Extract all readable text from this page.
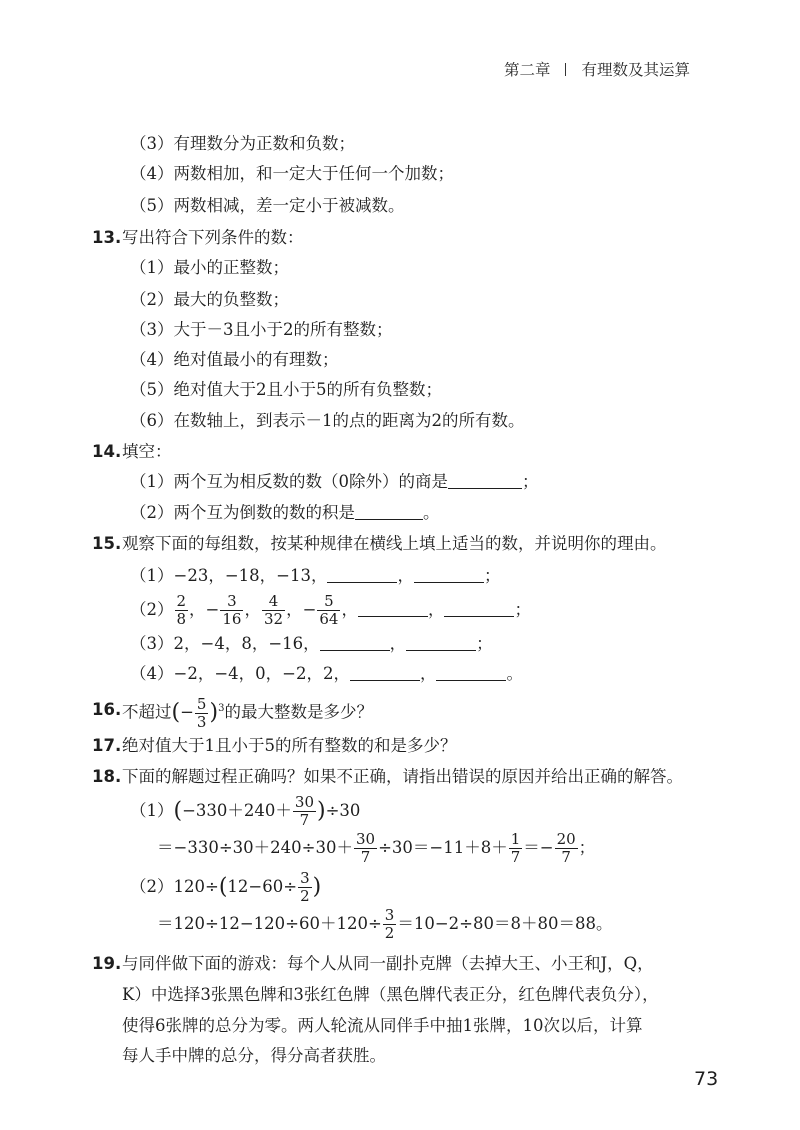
第二章 有理数及其运算
（3）有理数分为正数和负数；
（4）两数相加，和一定大于任何一个加数；
（5）两数相减，差一定小于被减数。
13. 写出符合下列条件的数：
（1）最小的正整数；
（2）最大的负整数；
（3）大于－3且小于2的所有整数；
（4）绝对值最小的有理数；
（5）绝对值大于2且小于5的所有负整数；
（6）在数轴上，到表示－1的点的距离为2的所有数。
14. 填空：
（1）两个互为相反数的数（0除外）的商是	；
（2）两个互为倒数的数的积是	。
15. 观察下面的每组数，按某种规律在横线上填上适当的数，并说明你的理由。
（1）−23，−18，−13，	，	；
$(2) \frac{2}{8}$ ，− $\frac{3}{16}$ ， $\frac{4}{32}$ ，− $\frac{5}{64}$ ，	，	；
（3）2，−4，8，−16，	，	；
（4）−2，−4，0，−2，2，	，	。
16. 不超过(− $\frac{5}{3} )^3$的最大整数是多少？
17. 绝对值大于1且小于5的所有整数的和是多少？
18. 下面的解题过程正确吗？如果不正确，请指出错误的原因并给出正确的解答。
$(1)(-330+240+ \frac{30}{7} )\div 30$
$=-330\div 30+240\div 30+ \frac{30}{7} \div 30=-11+8+ \frac{1}{7} =- \frac{20}{7}$ ；
$(2)120\div(12-60\div \frac{3}{2}$ )
$=120\div 12-120\div 60+120\div \frac{3}{2} =10-2\div 80=8+80=88$。
19. 与同伴做下面的游戏：每个人从同一副扑克牌（去掉大王、小王和J，Q，
K）中选择3张黑色牌和3张红色牌（黑色牌代表正分，红色牌代表负分），
使得6张牌的总分为零。两人轮流从同伴手中抽1张牌，10次以后，计算
每人手中牌的总分，得分高者获胜。
73
